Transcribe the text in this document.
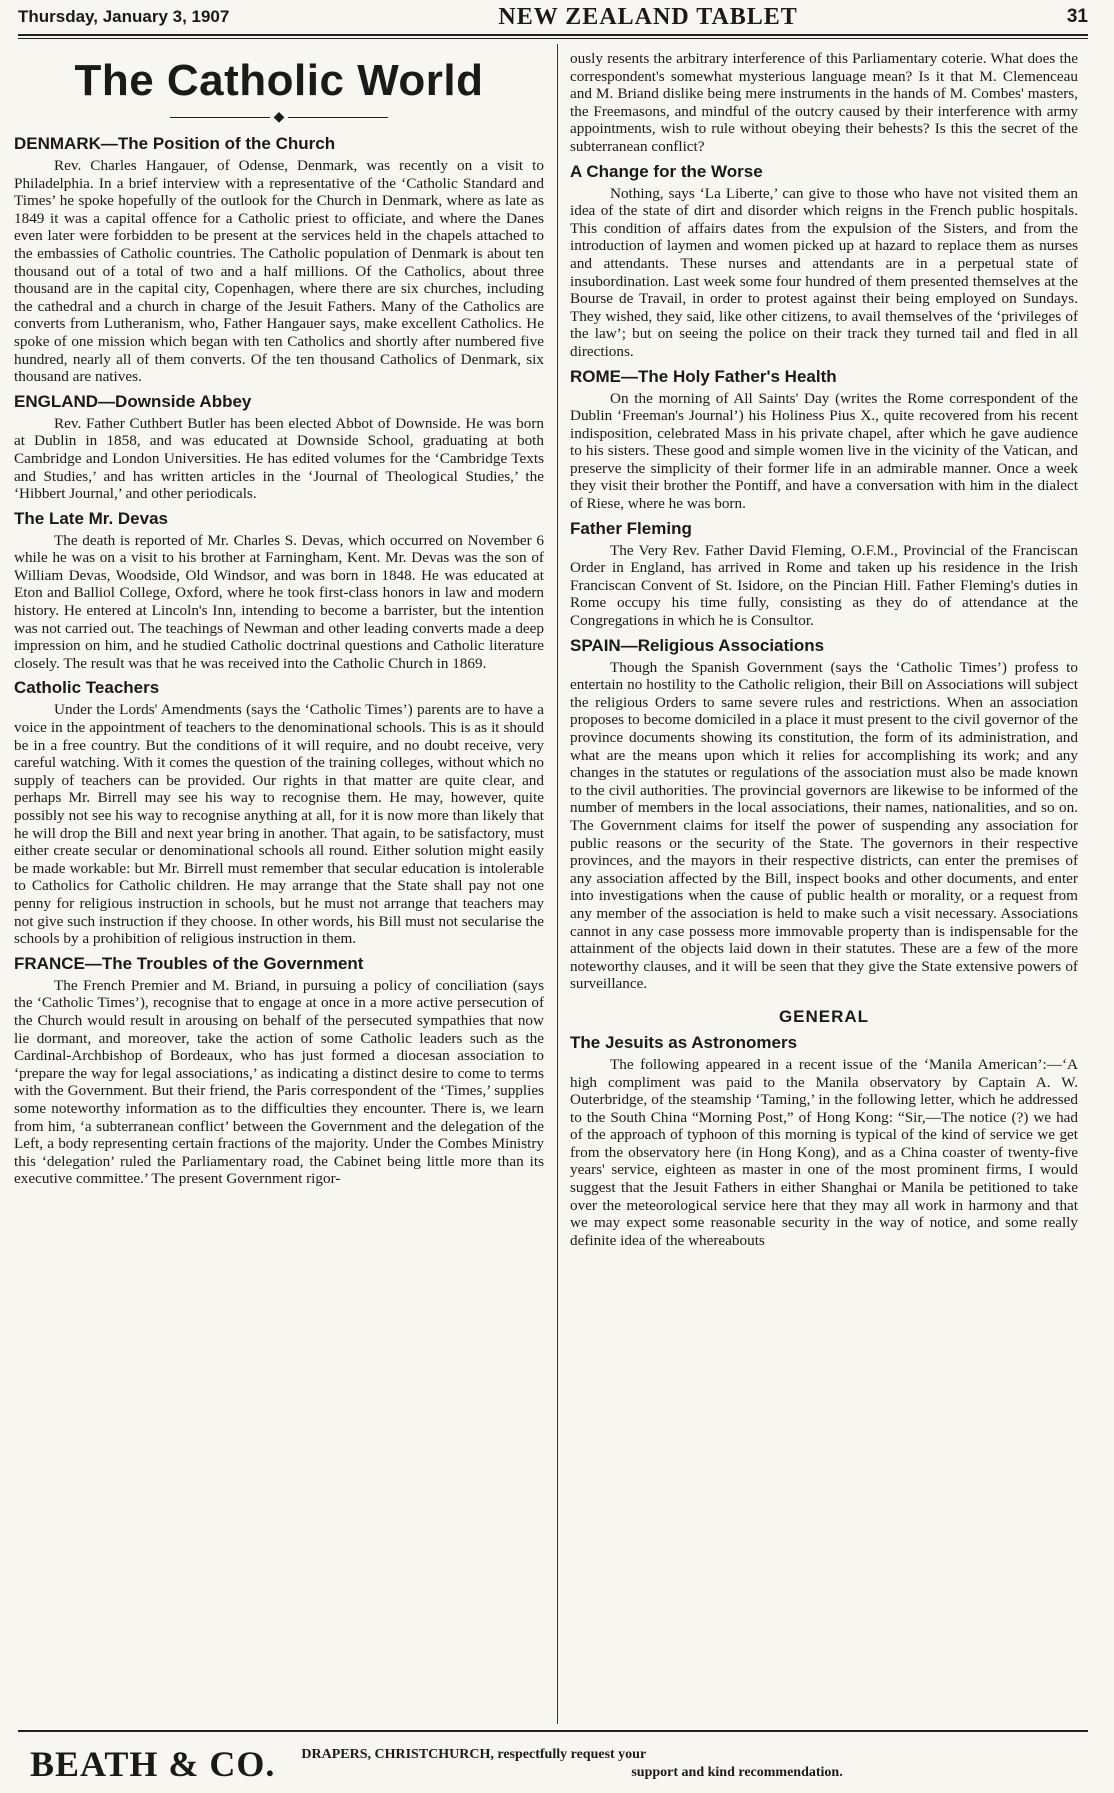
Thursday, January 3, 1907	NEW ZEALAND TABLET	31
The Catholic World
◆
DENMARK—The Position of the Church

Rev. Charles Hangauer, of Odense, Denmark, was recently on a visit to Philadelphia. In a brief interview with a representative of the ‘Catholic Standard and Times’ he spoke hopefully of the outlook for the Church in Denmark, where as late as 1849 it was a capital offence for a Catholic priest to officiate, and where the Danes even later were forbidden to be present at the services held in the chapels attached to the embassies of Catholic countries. The Catholic population of Denmark is about ten thousand out of a total of two and a half millions. Of the Catholics, about three thousand are in the capital city, Copenhagen, where there are six churches, including the cathedral and a church in charge of the Jesuit Fathers. Many of the Catholics are converts from Lutheranism, who, Father Hangauer says, make excellent Catholics. He spoke of one mission which began with ten Catholics and shortly after numbered five hundred, nearly all of them converts. Of the ten thousand Catholics of Denmark, six thousand are natives.

ENGLAND—Downside Abbey

Rev. Father Cuthbert Butler has been elected Abbot of Downside. He was born at Dublin in 1858, and was educated at Downside School, graduating at both Cambridge and London Universities. He has edited volumes for the ‘Cambridge Texts and Studies,’ and has written articles in the ‘Journal of Theological Studies,’ the ‘Hibbert Journal,’ and other periodicals.

The Late Mr. Devas

The death is reported of Mr. Charles S. Devas, which occurred on November 6 while he was on a visit to his brother at Farningham, Kent. Mr. Devas was the son of William Devas, Woodside, Old Windsor, and was born in 1848. He was educated at Eton and Balliol College, Oxford, where he took first-class honors in law and modern history. He entered at Lincoln's Inn, intending to become a barrister, but the intention was not carried out. The teachings of Newman and other leading converts made a deep impression on him, and he studied Catholic doctrinal questions and Catholic literature closely. The result was that he was received into the Catholic Church in 1869.

Catholic Teachers

Under the Lords' Amendments (says the ‘Catholic Times’) parents are to have a voice in the appointment of teachers to the denominational schools. This is as it should be in a free country. But the conditions of it will require, and no doubt receive, very careful watching. With it comes the question of the training colleges, without which no supply of teachers can be provided. Our rights in that matter are quite clear, and perhaps Mr. Birrell may see his way to recognise them. He may, however, quite possibly not see his way to recognise anything at all, for it is now more than likely that he will drop the Bill and next year bring in another. That again, to be satisfactory, must either create secular or denominational schools all round. Either solution might easily be made workable: but Mr. Birrell must remember that secular education is intolerable to Catholics for Catholic children. He may arrange that the State shall pay not one penny for religious instruction in schools, but he must not arrange that teachers may not give such instruction if they choose. In other words, his Bill must not secularise the schools by a prohibition of religious instruction in them.

FRANCE—The Troubles of the Government

The French Premier and M. Briand, in pursuing a policy of conciliation (says the ‘Catholic Times’), recognise that to engage at once in a more active persecution of the Church would result in arousing on behalf of the persecuted sympathies that now lie dormant, and moreover, take the action of some Catholic leaders such as the Cardinal-Archbishop of Bordeaux, who has just formed a diocesan association to ‘prepare the way for legal associations,’ as indicating a distinct desire to come to terms with the Government. But their friend, the Paris correspondent of the ‘Times,’ supplies some noteworthy information as to the difficulties they encounter. There is, we learn from him, ‘a subterranean conflict’ between the Government and the delegation of the Left, a body representing certain fractions of the majority. Under the Combes Ministry this ‘delegation’ ruled the Parliamentary road, the Cabinet being little more than its executive committee.’ The present Government rigor-

ously resents the arbitrary interference of this Parliamentary coterie. What does the correspondent's somewhat mysterious language mean? Is it that M. Clemenceau and M. Briand dislike being mere instruments in the hands of M. Combes' masters, the Freemasons, and mindful of the outcry caused by their interference with army appointments, wish to rule without obeying their behests? Is this the secret of the subterranean conflict?

A Change for the Worse

Nothing, says ‘La Liberte,’ can give to those who have not visited them an idea of the state of dirt and disorder which reigns in the French public hospitals. This condition of affairs dates from the expulsion of the Sisters, and from the introduction of laymen and women picked up at hazard to replace them as nurses and attendants. These nurses and attendants are in a perpetual state of insubordination. Last week some four hundred of them presented themselves at the Bourse de Travail, in order to protest against their being employed on Sundays. They wished, they said, like other citizens, to avail themselves of the ‘privileges of the law’; but on seeing the police on their track they turned tail and fled in all directions.

ROME—The Holy Father's Health

On the morning of All Saints' Day (writes the Rome correspondent of the Dublin ‘Freeman's Journal’) his Holiness Pius X., quite recovered from his recent indisposition, celebrated Mass in his private chapel, after which he gave audience to his sisters. These good and simple women live in the vicinity of the Vatican, and preserve the simplicity of their former life in an admirable manner. Once a week they visit their brother the Pontiff, and have a conversation with him in the dialect of Riese, where he was born.

Father Fleming

The Very Rev. Father David Fleming, O.F.M., Provincial of the Franciscan Order in England, has arrived in Rome and taken up his residence in the Irish Franciscan Convent of St. Isidore, on the Pincian Hill. Father Fleming's duties in Rome occupy his time fully, consisting as they do of attendance at the Congregations in which he is Consultor.

SPAIN—Religious Associations

Though the Spanish Government (says the ‘Catholic Times’) profess to entertain no hostility to the Catholic religion, their Bill on Associations will subject the religious Orders to same severe rules and restrictions. When an association proposes to become domiciled in a place it must present to the civil governor of the province documents showing its constitution, the form of its administration, and what are the means upon which it relies for accomplishing its work; and any changes in the statutes or regulations of the association must also be made known to the civil authorities. The provincial governors are likewise to be informed of the number of members in the local associations, their names, nationalities, and so on. The Government claims for itself the power of suspending any association for public reasons or the security of the State. The governors in their respective provinces, and the mayors in their respective districts, can enter the premises of any association affected by the Bill, inspect books and other documents, and enter into investigations when the cause of public health or morality, or a request from any member of the association is held to make such a visit necessary. Associations cannot in any case possess more immovable property than is indispensable for the attainment of the objects laid down in their statutes. These are a few of the more noteworthy clauses, and it will be seen that they give the State extensive powers of surveillance.

GENERAL
The Jesuits as Astronomers

The following appeared in a recent issue of the ‘Manila American’:—‘A high compliment was paid to the Manila observatory by Captain A. W. Outerbridge, of the steamship ‘Taming,’ in the following letter, which he addressed to the South China “Morning Post,” of Hong Kong: “Sir,—The notice (?) we had of the approach of typhoon of this morning is typical of the kind of service we get from the observatory here (in Hong Kong), and as a China coaster of twenty-five years' service, eighteen as master in one of the most prominent firms, I would suggest that the Jesuit Fathers in either Shanghai or Manila be petitioned to take over the meteorological service here that they may all work in harmony and that we may expect some reasonable security in the way of notice, and some really definite idea of the whereabouts

BEATH & CO. DRAPERS, CHRISTCHURCH, respectfully request your
support and kind recommendation.
